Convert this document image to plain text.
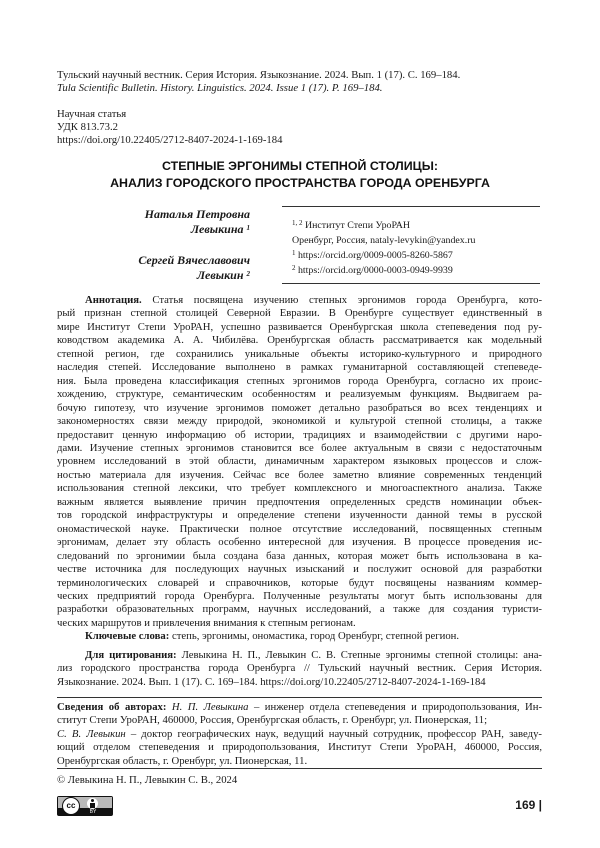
Тульский научный вестник. Серия История. Языкознание. 2024. Вып. 1 (17). С. 169–184.
Tula Scientific Bulletin. History. Linguistics. 2024. Issue 1 (17). P. 169–184.
Научная статья
УДК 813.73.2
https://doi.org/10.22405/2712-8407-2024-1-169-184
СТЕПНЫЕ ЭРГОНИМЫ СТЕПНОЙ СТОЛИЦЫ:
АНАЛИЗ ГОРОДСКОГО ПРОСТРАНСТВА ГОРОДА ОРЕНБУРГА
Наталья Петровна
Левыкина $^1$
Сергей Вячеславович
Левыкин $^2$
$^{1, 2}$ Институт Степи УроРАН
Оренбург, Россия, nataly-levykin@yandex.ru
$^1$ https://orcid.org/0009-0005-8260-5867
$^2$ https://orcid.org/0000-0003-0949-9939

Аннотация. Статья посвящена изучению степных эргонимов города Оренбурга, кото-

рый признан степной столицей Северной Евразии. В Оренбурге существует единственный в

мире Институт Степи УроРАН, успешно развивается Оренбургская школа степеведения под ру-

ководством академика А. А. Чибилёва. Оренбургская область рассматривается как модельный

степной регион, где сохранились уникальные объекты историко-культурного и природного

наследия степей. Исследование выполнено в рамках гуманитарной составляющей степеведе-

ния. Была проведена классификация степных эргонимов города Оренбурга, согласно их проис-

хождению, структуре, семантическим особенностям и реализуемым функциям. Выдвигаем ра-

бочую гипотезу, что изучение эргонимов поможет детально разобраться во всех тенденциях и

закономерностях связи между природой, экономикой и культурой степной столицы, а также

предоставит ценную информацию об истории, традициях и взаимодействии с другими наро-

дами. Изучение степных эргонимов становится все более актуальным в связи с недостаточным

уровнем исследований в этой области, динамичным характером языковых процессов и слож-

ностью материала для изучения. Сейчас все более заметно влияние современных тенденций

использования степной лексики, что требует комплексного и многоаспектного анализа. Также

важным является выявление причин предпочтения определенных средств номинации объек-

тов городской инфраструктуры и определение степени изученности данной темы в русской

ономастической науке. Практически полное отсутствие исследований, посвященных степным

эргонимам, делает эту область особенно интересной для изучения. В процессе проведения ис-

следований по эргонимии была создана база данных, которая может быть использована в ка-

честве источника для последующих научных изысканий и послужит основой для разработки

терминологических словарей и справочников, которые будут посвящены названиям коммер-

ческих предприятий города Оренбурга. Полученные результаты могут быть использованы для

разработки образовательных программ, научных исследований, а также для создания туристи-

ческих маршрутов и привлечения внимания к степным регионам.

Ключевые слова: степь, эргонимы, ономастика, город Оренбург, степной регион.

Для цитирования: Левыкина Н. П., Левыкин С. В. Степные эргонимы степной столицы: ана-

лиз городского пространства города Оренбурга // Тульский научный вестник. Серия История.

Языкознание. 2024. Вып. 1 (17). С. 169–184. https://doi.org/10.22405/2712-8407-2024-1-169-184

Сведения об авторах: Н. П. Левыкина – инженер отдела степеведения и природопользования, Ин-

ститут Степи УроРАН, 460000, Россия, Оренбургская область, г. Оренбург, ул. Пионерская, 11;

С. В. Левыкин – доктор географических наук, ведущий научный сотрудник, профессор РАН, заведу-

ющий отделом степеведения и природопользования, Институт Степи УроРАН, 460000, Россия,

Оренбургская область, г. Оренбург, ул. Пионерская, 11.

© Левыкина Н. П., Левыкин С. В., 2024
cc
BY	169 |
